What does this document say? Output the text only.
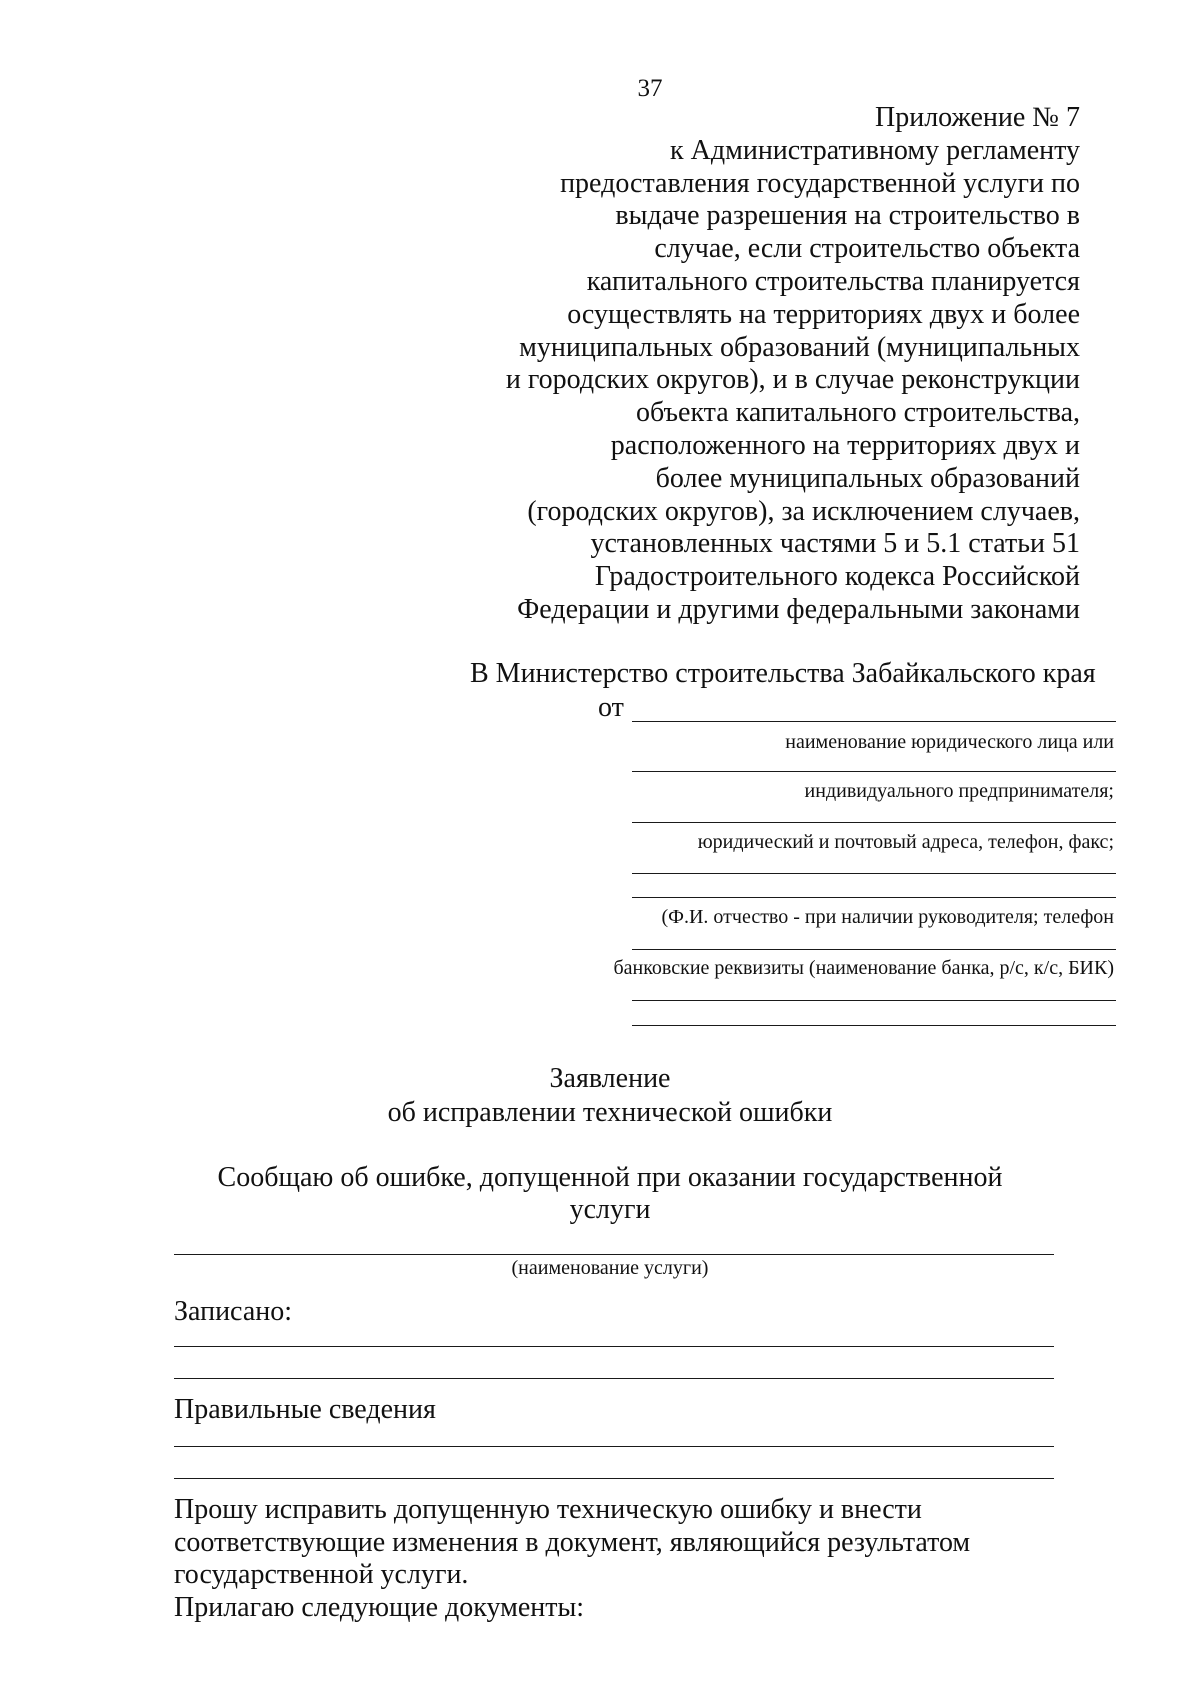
37
Приложение № 7
к Административному регламенту
предоставления государственной услуги по
выдаче разрешения на строительство в
случае, если строительство объекта
капитального строительства планируется
осуществлять на территориях двух и более
муниципальных образований (муниципальных
и городских округов), и в случае реконструкции
объекта капитального строительства,
расположенного на территориях двух и
более муниципальных образований
(городских округов), за исключением случаев,
установленных частями 5 и 5.1 статьи 51
Градостроительного кодекса Российской
Федерации и другими федеральными законами
В Министерство строительства Забайкальского края
от
наименование юридического лица или
индивидуального предпринимателя;
юридический и почтовый адреса, телефон, факс;
(Ф.И. отчество - при наличии руководителя; телефон
банковские реквизиты (наименование банка, р/с, к/с, БИК)
Заявление
об исправлении технической ошибки
Сообщаю об ошибке, допущенной при оказании государственной
услуги
(наименование услуги)
Записано:
Правильные сведения
Прошу исправить допущенную техническую ошибку и внести
соответствующие изменения в документ, являющийся результатом
государственной услуги.
Прилагаю следующие документы:
